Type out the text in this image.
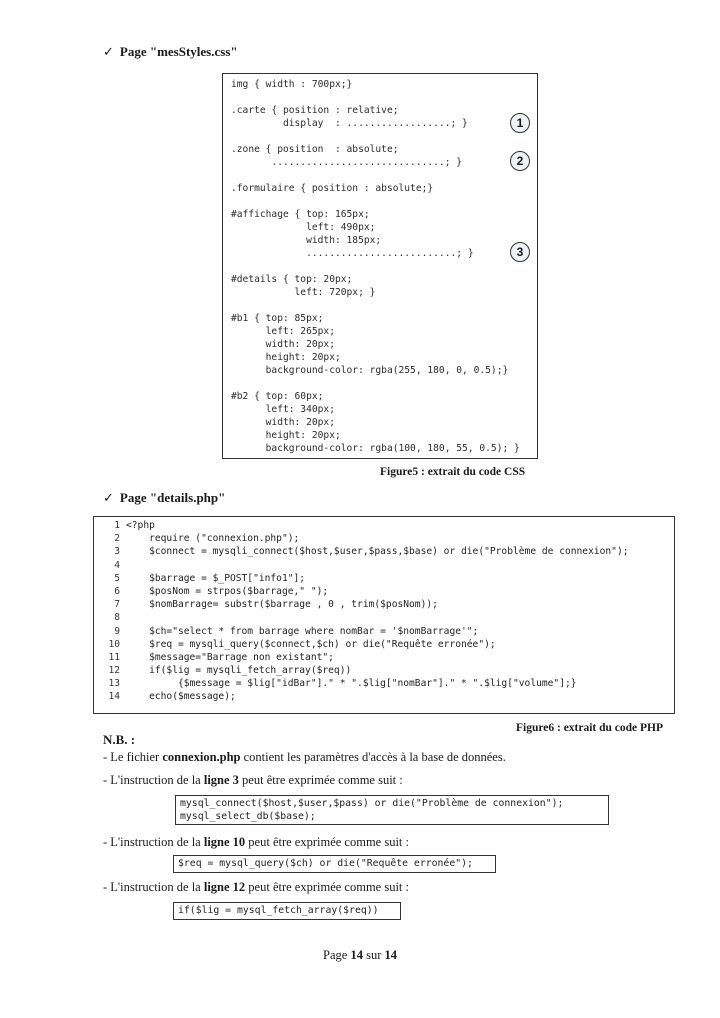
✓ Page "mesStyles.css"
img { width : 700px;}
.carte { position : relative;
display  : ..................; }
.zone { position  : absolute;
..............................; }
.formulaire { position : absolute;}
#affichage { top: 165px;
left: 490px;
width: 185px;
..........................; }
#details { top: 20px;
left: 720px; }
#b1 { top: 85px;
left: 265px;
width: 20px;
height: 20px;
background-color: rgba(255, 180, 0, 0.5);}
#b2 { top: 60px;
left: 340px;
width: 20px;
height: 20px;
background-color: rgba(100, 180, 55, 0.5); }
1
2
3
Figure5 : extrait du code CSS
✓ Page "details.php"
1 <?php
2 require ("connexion.php");
3 $connect = mysqli_connect($host,$user,$pass,$base) or die("Problème de connexion");
4
5 $barrage = $_POST["info1"];
6 $posNom = strpos($barrage," ");
7 $nomBarrage= substr($barrage , 0 , trim($posNom));
8
9 $ch="select * from barrage where nomBar = '$nomBarrage'";
10 $req = mysqli_query($connect,$ch) or die("Requête erronée");
11 $message="Barrage non existant";
12 if($lig = mysqli_fetch_array($req))
13 {$message = $lig["idBar"]." * ".$lig["nomBar"]." * ".$lig["volume"];}
14 echo($message);
Figure6 : extrait du code PHP
N.B. :
- Le fichier connexion.php contient les paramètres d'accès à la base de données.
- L'instruction de la ligne 3 peut être exprimée comme suit :
mysql_connect($host,$user,$pass) or die("Problème de connexion");
mysql_select_db($base);
- L'instruction de la ligne 10 peut être exprimée comme suit :
$req = mysql_query($ch) or die("Requête erronée");
- L'instruction de la ligne 12 peut être exprimée comme suit :
if($lig = mysql_fetch_array($req))
Page 14 sur 14
